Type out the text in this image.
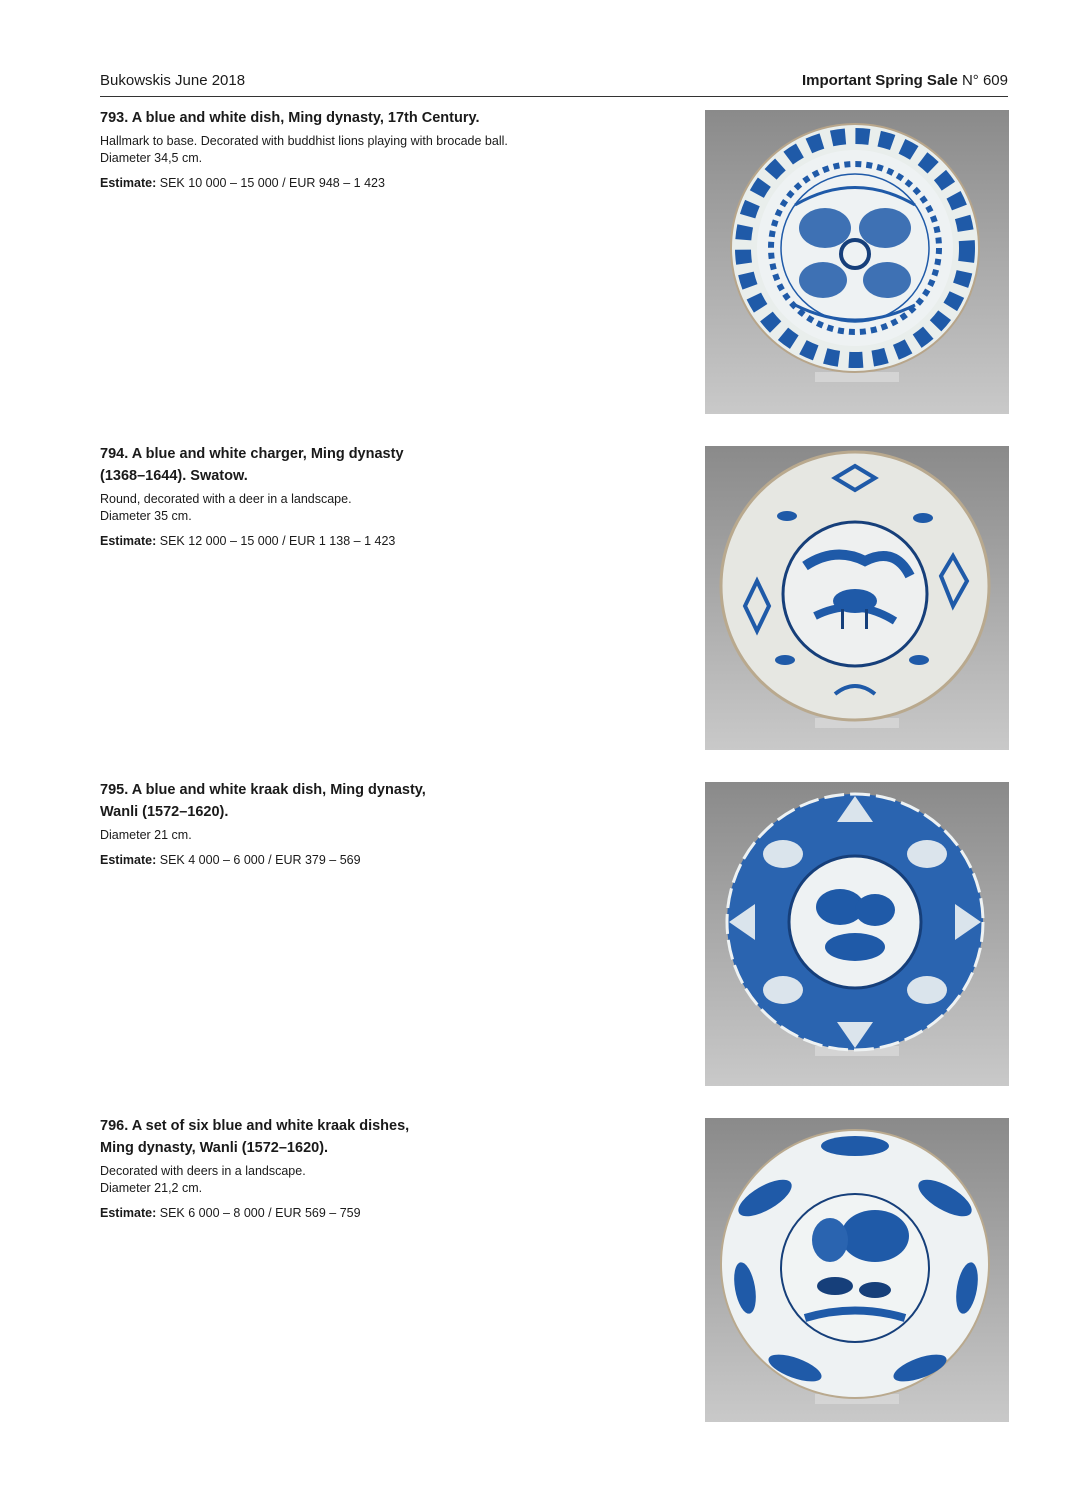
Bukowskis June 2018	Important Spring Sale N° 609
793. A blue and white dish, Ming dynasty, 17th Century.
Hallmark to base. Decorated with buddhist lions playing with brocade ball.
Diameter 34,5 cm.
Estimate: SEK 10 000 – 15 000 / EUR 948 – 1 423
794. A blue and white charger, Ming dynasty
(1368–1644). Swatow.
Round, decorated with a deer in a landscape.
Diameter 35 cm.
Estimate: SEK 12 000 – 15 000 / EUR 1 138 – 1 423
795. A blue and white kraak dish, Ming dynasty,
Wanli (1572–1620).
Diameter 21 cm.
Estimate: SEK 4 000 – 6 000 / EUR 379 – 569
796. A set of six blue and white kraak dishes,
Ming dynasty, Wanli (1572–1620).
Decorated with deers in a landscape.
Diameter 21,2 cm.
Estimate: SEK 6 000 – 8 000 / EUR 569 – 759
